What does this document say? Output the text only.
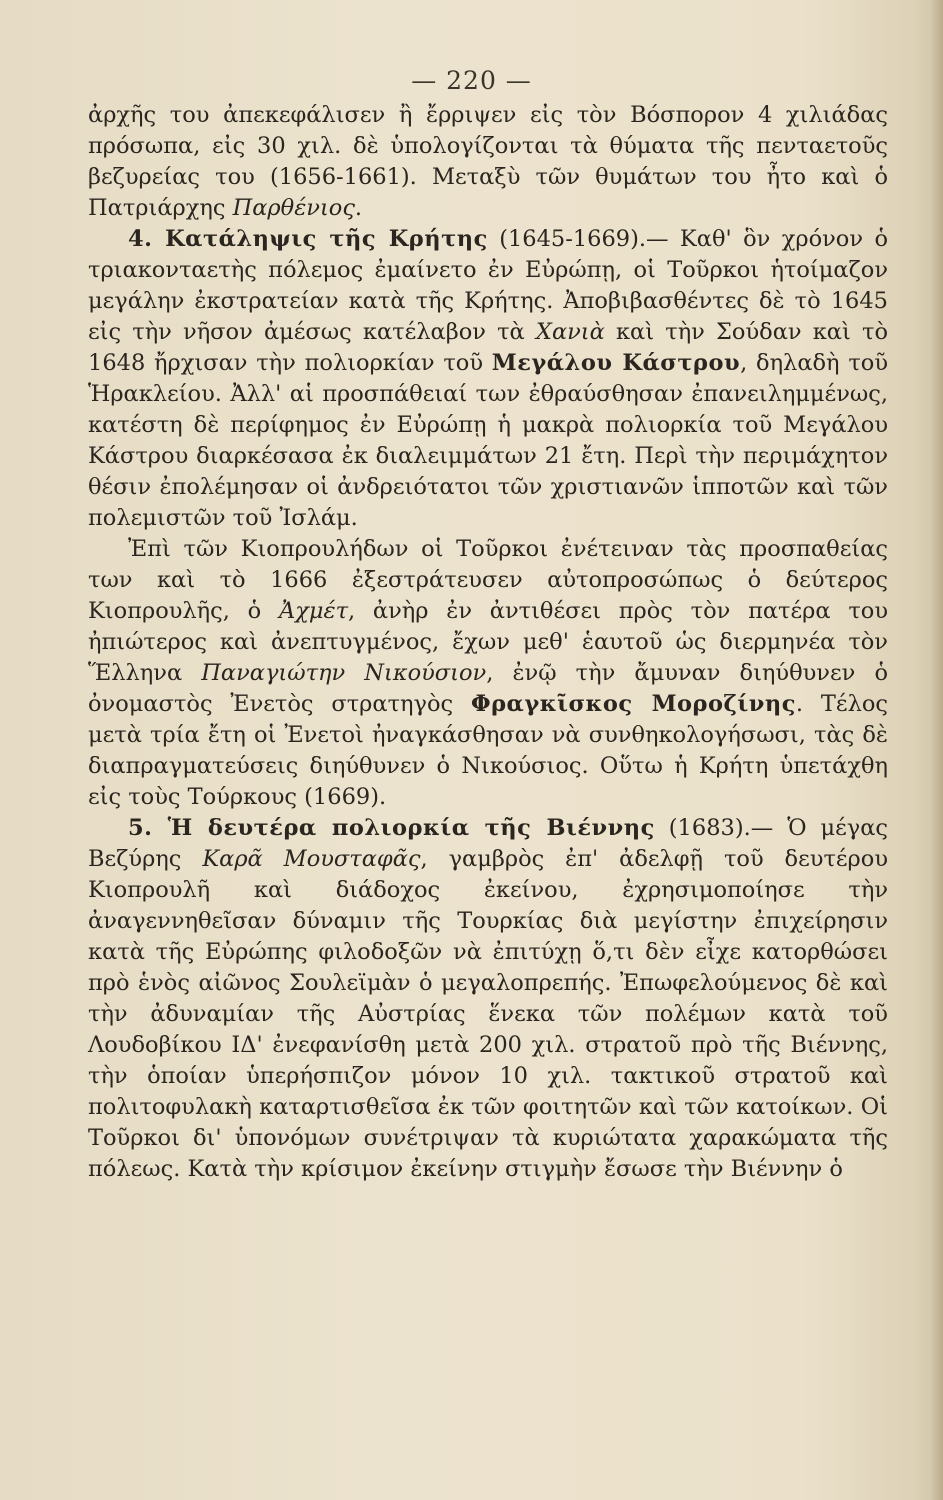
— 220 —

ἀρχῆς του ἀπεκεφάλισεν ἢ ἔρριψεν εἰς τὸν Βόσπορον 4 χιλιάδας πρόσωπα, εἰς 30 χιλ. δὲ ὑπολογίζονται τὰ θύματα τῆς πενταετοῦς βεζυρείας του (1656-1661). Μεταξὺ τῶν θυμάτων του ἦτο καὶ ὁ Πατριάρχης Παρθένιος.

4. Κατάληψις τῆς Κρήτης (1645-1669).— Καθ' ὃν χρόνον ὁ τριακονταετὴς πόλεμος ἐμαίνετο ἐν Εὐρώπῃ, οἱ Τοῦρκοι ἡτοίμαζον μεγάλην ἐκστρατείαν κατὰ τῆς Κρήτης. Ἀποβιβασθέντες δὲ τὸ 1645 εἰς τὴν νῆσον ἀμέσως κατέλαβον τὰ Χανιὰ καὶ τὴν Σούδαν καὶ τὸ 1648 ἤρχισαν τὴν πολιορκίαν τοῦ Μεγάλου Κάστρου, δηλαδὴ τοῦ Ἡρακλείου. Ἀλλ' αἱ προσπάθειαί των ἐθραύσθησαν ἐπανειλημμένως, κατέστη δὲ περίφημος ἐν Εὐρώπῃ ἡ μακρὰ πολιορκία τοῦ Μεγάλου Κάστρου διαρκέσασα ἐκ διαλειμμάτων 21 ἔτη. Περὶ τὴν περιμάχητον θέσιν ἐπολέμησαν οἱ ἀνδρειότατοι τῶν χριστιανῶν ἱπποτῶν καὶ τῶν πολεμιστῶν τοῦ Ἰσλάμ.

Ἐπὶ τῶν Κιοπρουλήδων οἱ Τοῦρκοι ἐνέτειναν τὰς προσπαθείας των καὶ τὸ 1666 ἐξεστράτευσεν αὐτοπροσώπως ὁ δεύτερος Κιοπρουλῆς, ὁ Ἀχμέτ, ἀνὴρ ἐν ἀντιθέσει πρὸς τὸν πατέρα του ἠπιώτερος καὶ ἀνεπτυγμένος, ἔχων μεθ' ἑαυτοῦ ὡς διερμηνέα τὸν Ἕλληνα Παναγιώτην Νικούσιον, ἐνῷ τὴν ἄμυναν διηύθυνεν ὁ ὀνομαστὸς Ἐνετὸς στρατηγὸς Φραγκῖσκος Μοροζίνης. Τέλος μετὰ τρία ἔτη οἱ Ἐνετοὶ ἠναγκάσθησαν νὰ συνθηκολογήσωσι, τὰς δὲ διαπραγματεύσεις διηύθυνεν ὁ Νικούσιος. Οὕτω ἡ Κρήτη ὑπετάχθη εἰς τοὺς Τούρκους (1669).

5. Ἡ δευτέρα πολιορκία τῆς Βιέννης (1683).— Ὁ μέγας Βεζύρης Καρᾶ Μουσταφᾶς, γαμβρὸς ἐπ' ἀδελφῇ τοῦ δευτέρου Κιοπρουλῆ καὶ διάδοχος ἐκείνου, ἐχρησιμοποίησε τὴν ἀναγεννηθεῖσαν δύναμιν τῆς Τουρκίας διὰ μεγίστην ἐπιχείρησιν κατὰ τῆς Εὐρώπης φιλοδοξῶν νὰ ἐπιτύχῃ ὅ,τι δὲν εἶχε κατορθώσει πρὸ ἑνὸς αἰῶνος Σουλεϊμὰν ὁ μεγαλοπρεπής. Ἐπωφελούμενος δὲ καὶ τὴν ἀδυναμίαν τῆς Αὐστρίας ἕνεκα τῶν πολέμων κατὰ τοῦ Λουδοβίκου ΙΔ' ἐνεφανίσθη μετὰ 200 χιλ. στρατοῦ πρὸ τῆς Βιέννης, τὴν ὁποίαν ὑπερήσπιζον μόνον 10 χιλ. τακτικοῦ στρατοῦ καὶ πολιτοφυλακὴ καταρτισθεῖσα ἐκ τῶν φοιτητῶν καὶ τῶν κατοίκων. Οἱ Τοῦρκοι δι' ὑπονόμων συνέτριψαν τὰ κυριώτατα χαρακώματα τῆς πόλεως. Κατὰ τὴν κρίσιμον ἐκείνην στιγμὴν ἔσωσε τὴν Βιέννην ὁ
